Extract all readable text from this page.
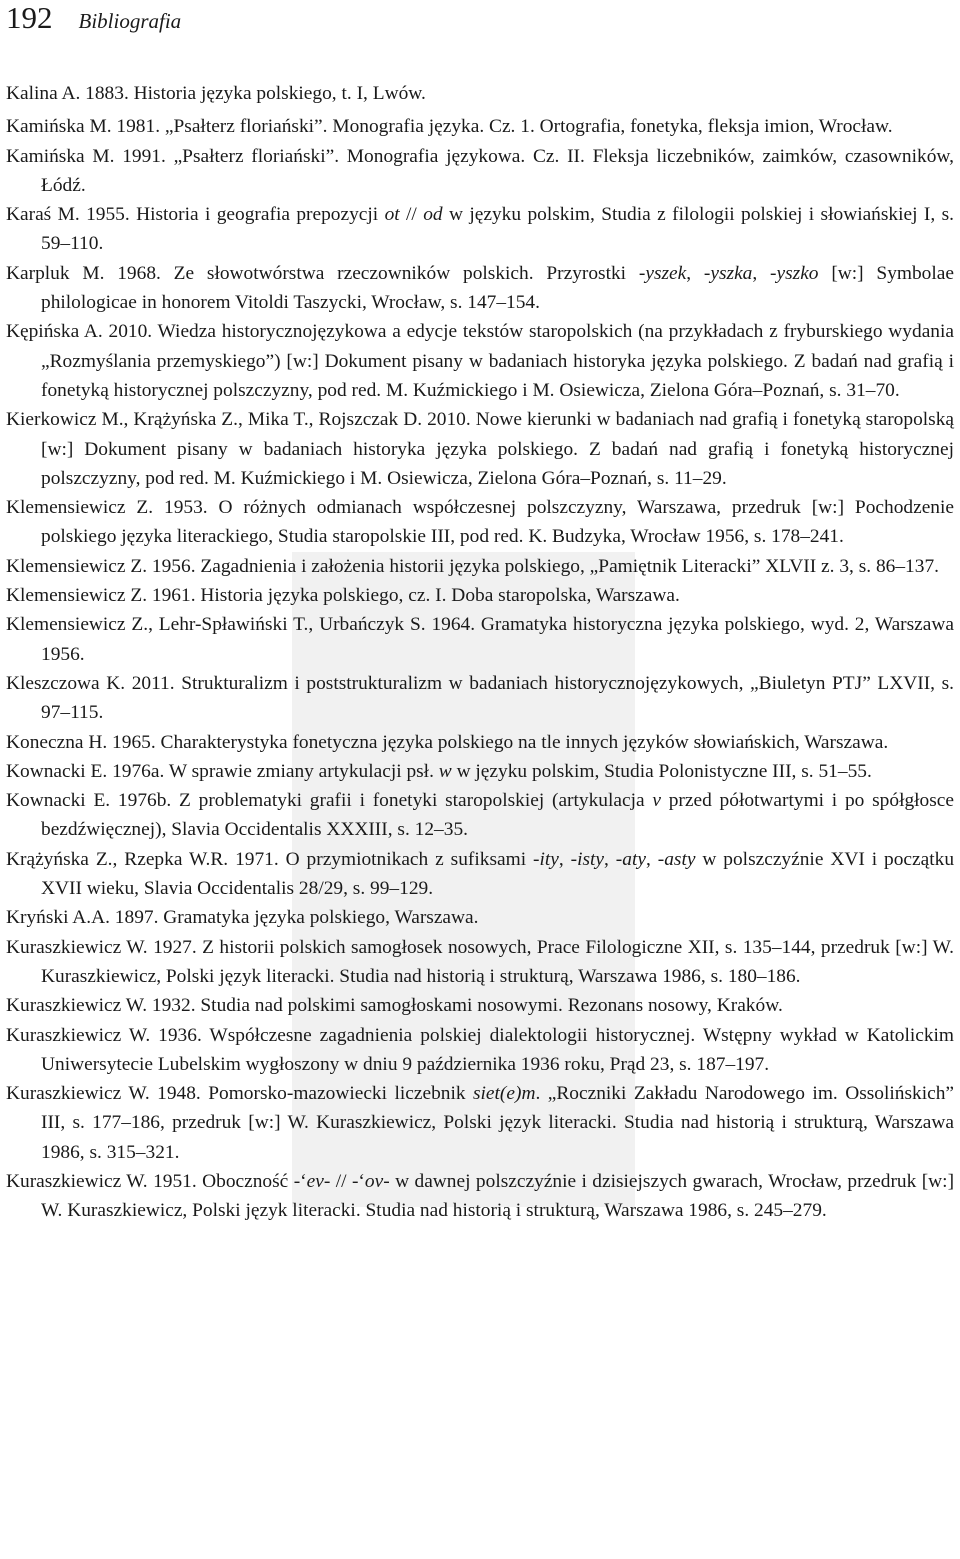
192 Bibliografia

Kalina A. 1883. Historia języka polskiego, t. I, Lwów.

Kamińska M. 1981. „Psałterz floriański”. Monografia języka. Cz. 1. Ortografia, fonetyka, fleksja imion, Wrocław.

Kamińska M. 1991. „Psałterz floriański”. Monografia językowa. Cz. II. Fleksja liczebników, zaimków, czasowników, Łódź.

Karaś M. 1955. Historia i geografia prepozycji ot // od w języku polskim, Studia z filologii polskiej i słowiańskiej I, s. 59–110.

Karpluk M. 1968. Ze słowotwórstwa rzeczowników polskich. Przyrostki -yszek, -yszka, -yszko [w:] Symbolae philologicae in honorem Vitoldi Taszycki, Wrocław, s. 147–154.

Kępińska A. 2010. Wiedza historycznojęzykowa a edycje tekstów staropolskich (na przykładach z fryburskiego wydania „Rozmyślania przemyskiego”) [w:] Dokument pisany w badaniach historyka języka polskiego. Z badań nad grafią i fonetyką historycznej polszczyzny, pod red. M. Kuźmickiego i M. Osiewicza, Zielona Góra–Poznań, s. 31–70.

Kierkowicz M., Krążyńska Z., Mika T., Rojszczak D. 2010. Nowe kierunki w badaniach nad grafią i fonetyką staropolską [w:] Dokument pisany w badaniach historyka języka polskiego. Z badań nad grafią i fonetyką historycznej polszczyzny, pod red. M. Kuźmickiego i M. Osiewicza, Zielona Góra–Poznań, s. 11–29.

Klemensiewicz Z. 1953. O różnych odmianach współczesnej polszczyzny, Warszawa, przedruk [w:] Pochodzenie polskiego języka literackiego, Studia staropolskie III, pod red. K. Budzyka, Wrocław 1956, s. 178–241.

Klemensiewicz Z. 1956. Zagadnienia i założenia historii języka polskiego, „Pamiętnik Literacki” XLVII z. 3, s. 86–137.

Klemensiewicz Z. 1961. Historia języka polskiego, cz. I. Doba staropolska, Warszawa.

Klemensiewicz Z., Lehr-Spławiński T., Urbańczyk S. 1964. Gramatyka historyczna języka polskiego, wyd. 2, Warszawa 1956.

Kleszczowa K. 2011. Strukturalizm i poststrukturalizm w badaniach historycznojęzykowych, „Biuletyn PTJ” LXVII, s. 97–115.

Koneczna H. 1965. Charakterystyka fonetyczna języka polskiego na tle innych języków słowiańskich, Warszawa.

Kownacki E. 1976a. W sprawie zmiany artykulacji psł. w w języku polskim, Studia Polonistyczne III, s. 51–55.

Kownacki E. 1976b. Z problematyki grafii i fonetyki staropolskiej (artykulacja v przed półotwartymi i po spółgłosce bezdźwięcznej), Slavia Occidentalis XXXIII, s. 12–35.

Krążyńska Z., Rzepka W.R. 1971. O przymiotnikach z sufiksami -ity, -isty, -aty, -asty w polszczyźnie XVI i początku XVII wieku, Slavia Occidentalis 28/29, s. 99–129.

Kryński A.A. 1897. Gramatyka języka polskiego, Warszawa.

Kuraszkiewicz W. 1927. Z historii polskich samogłosek nosowych, Prace Filologiczne XII, s. 135–144, przedruk [w:] W. Kuraszkiewicz, Polski język literacki. Studia nad historią i strukturą, Warszawa 1986, s. 180–186.

Kuraszkiewicz W. 1932. Studia nad polskimi samogłoskami nosowymi. Rezonans nosowy, Kraków.

Kuraszkiewicz W. 1936. Współczesne zagadnienia polskiej dialektologii historycznej. Wstępny wykład w Katolickim Uniwersytecie Lubelskim wygłoszony w dniu 9 października 1936 roku, Prąd 23, s. 187–197.

Kuraszkiewicz W. 1948. Pomorsko-mazowiecki liczebnik siet(e)m. „Roczniki Zakładu Narodowego im. Ossolińskich” III, s. 177–186, przedruk [w:] W. Kuraszkiewicz, Polski język literacki. Studia nad historią i strukturą, Warszawa 1986, s. 315–321.

Kuraszkiewicz W. 1951. Oboczność -‘ev- // -‘ov- w dawnej polszczyźnie i dzisiejszych gwarach, Wrocław, przedruk [w:] W. Kuraszkiewicz, Polski język literacki. Studia nad historią i strukturą, Warszawa 1986, s. 245–279.
